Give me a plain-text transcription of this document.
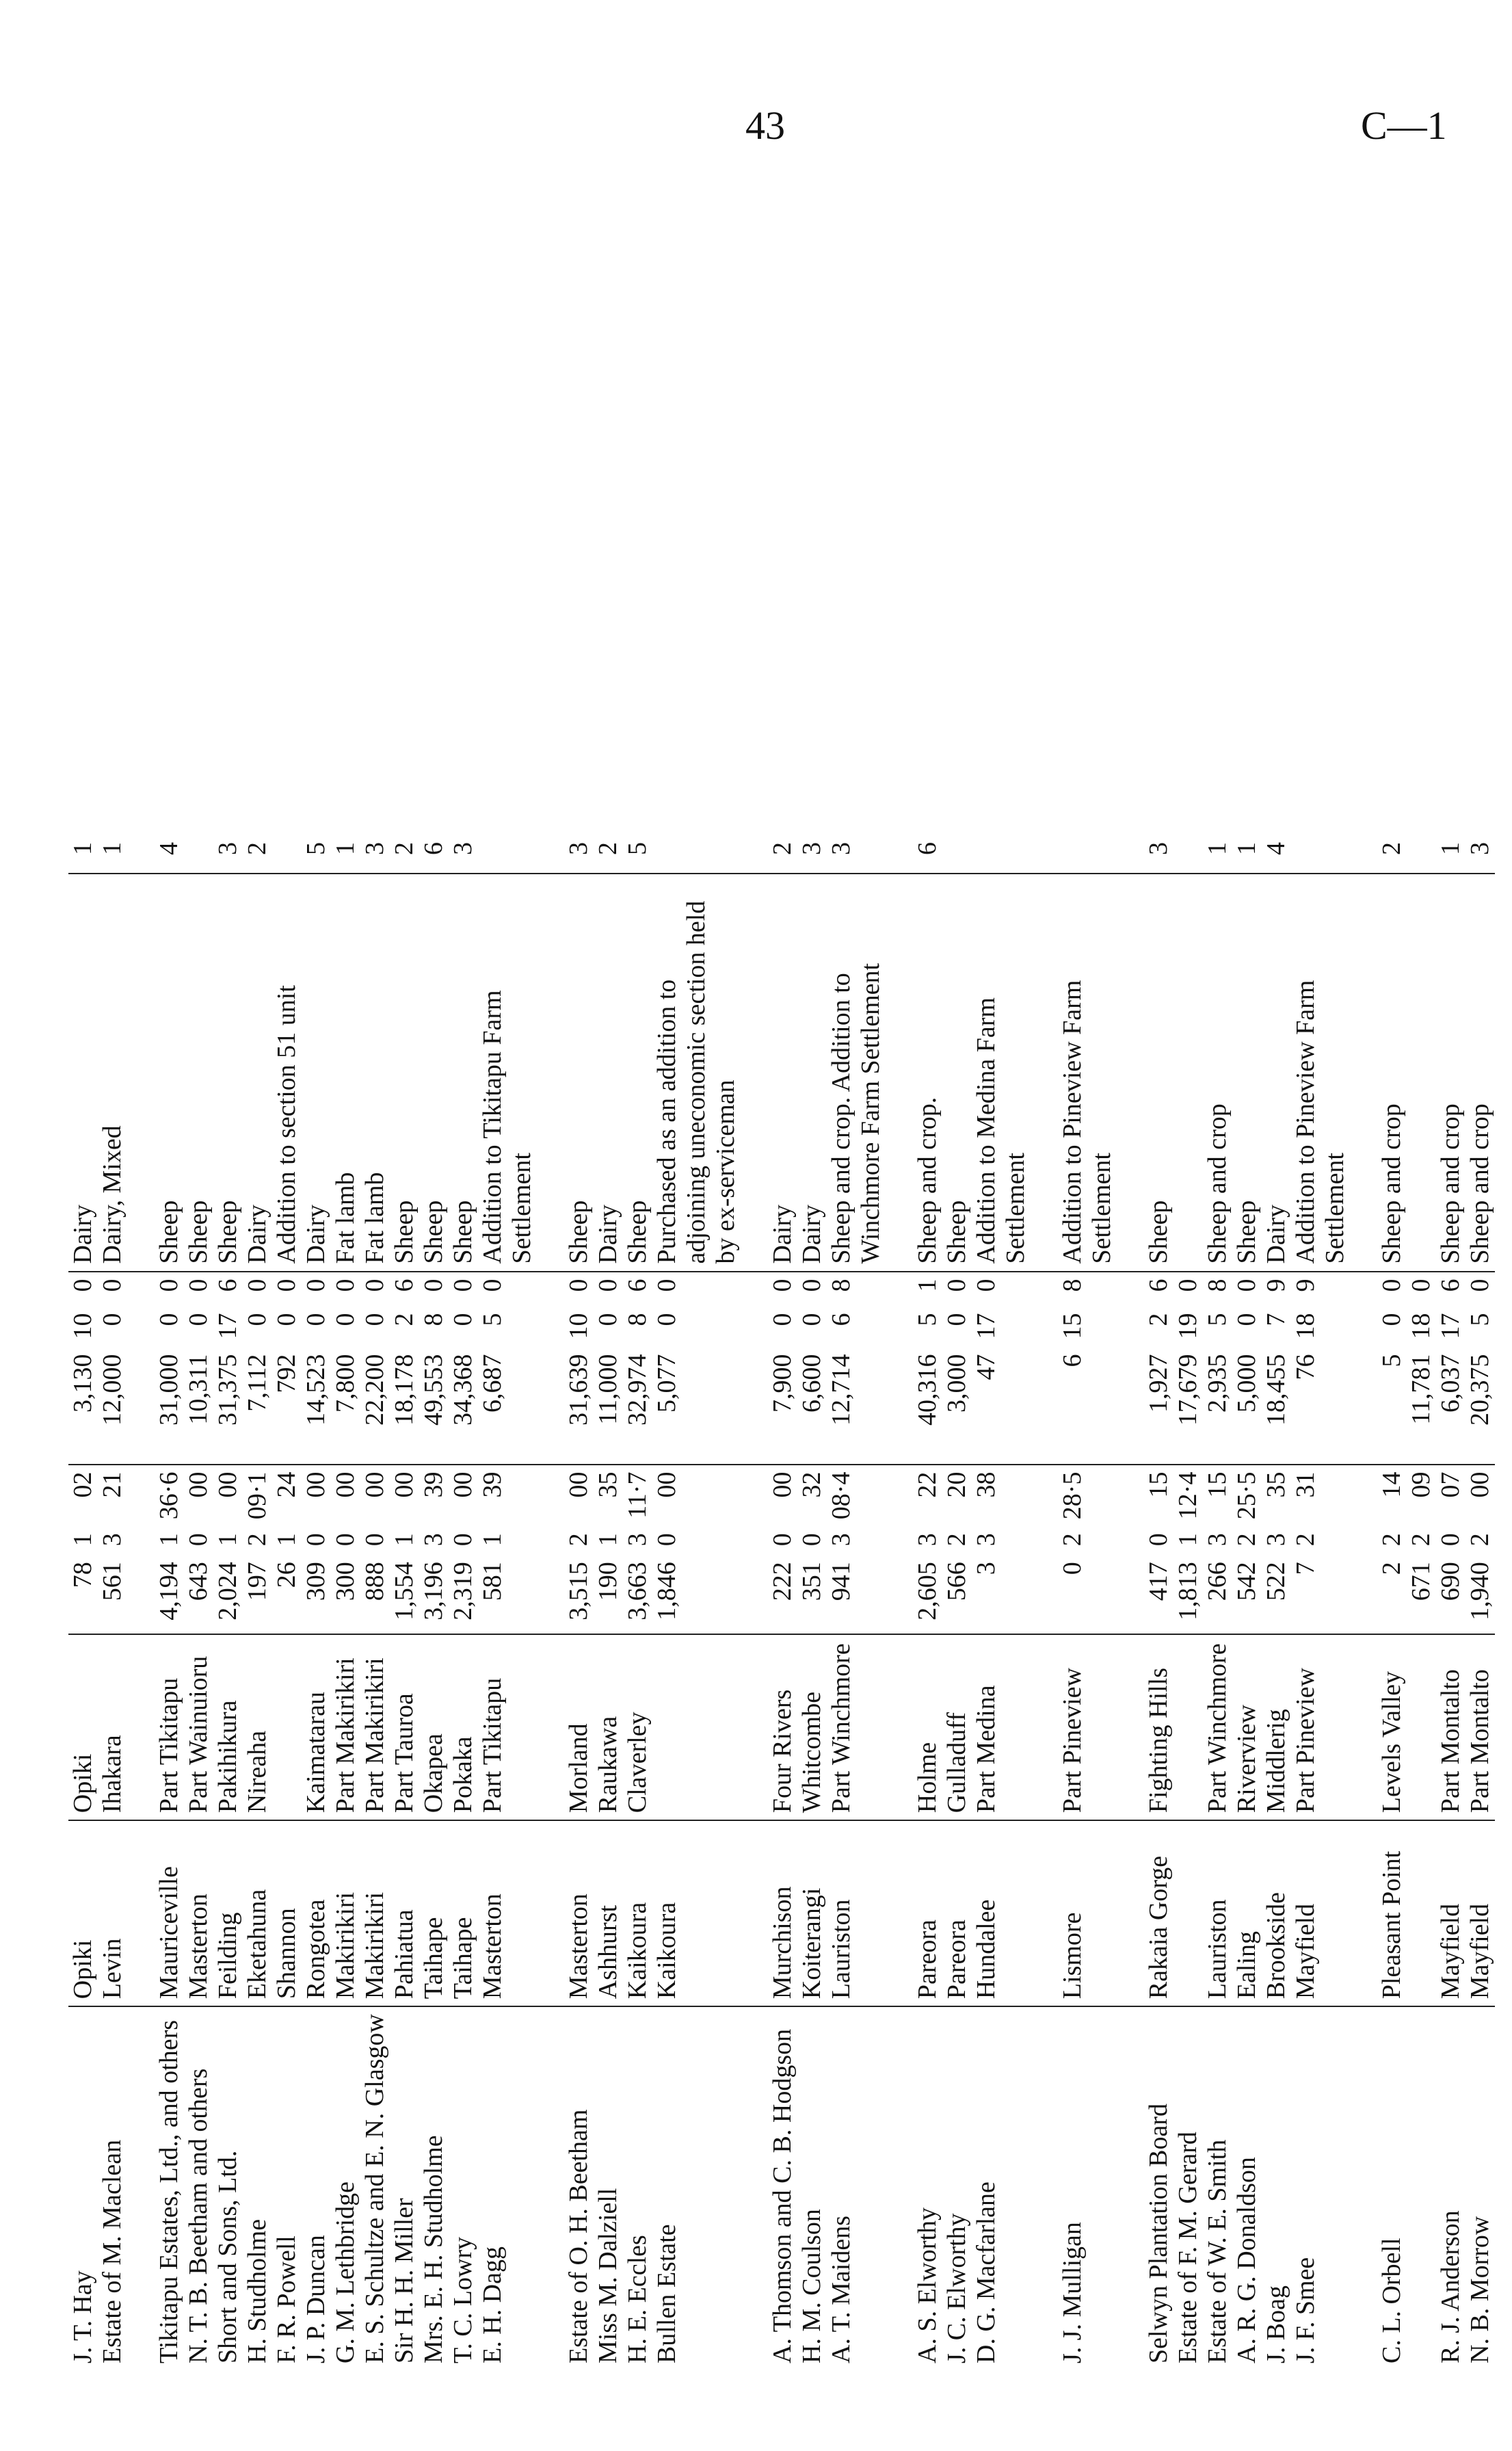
43	C—1
J. T. Hay	Opiki	Opiki	78	1	02	3,130	10	0	Dairy	1
Estate of M. Maclean	Levin	Ihakara	561	3	21	12,000	0	0	Dairy, Mixed	1

Tikitapu Estates, Ltd., and others	Mauriceville	Part Tikitapu	4,194	1	36·6	31,000	0	0	Sheep	4
N. T. B. Beetham and others	Masterton	Part Wainuioru	643	0	00	10,311	0	0	Sheep	
Short and Sons, Ltd.	Feilding	Pakihikura	2,024	1	00	31,375	17	6	Sheep	3
H. Studholme	Eketahuna	Nireaha	197	2	09·1	7,112	0	0	Dairy	2
F. R. Powell	Shannon		26	1	24	792	0	0	Addition to section 51 unit	
J. P. Duncan	Rongotea	Kaimatarau	309	0	00	14,523	0	0	Dairy	5
G. M. Lethbridge	Makirikiri	Part Makirikiri	300	0	00	7,800	0	0	Fat lamb	1
E. S. Schultze and E. N. Glasgow	Makirikiri	Part Makirikiri	888	0	00	22,200	0	0	Fat lamb	3
Sir H. H. Miller	Pahiatua	Part Tauroa	1,554	1	00	18,178	2	6	Sheep	2
Mrs. E. H. Studholme	Taihape	Okapea	3,196	3	39	49,553	8	0	Sheep	6
T. C. Lowry	Taihape	Pokaka	2,319	0	00	34,368	0	0	Sheep	3
E. H. Dagg	Masterton	Part Tikitapu	581	1	39	6,687	5	0	Addition to Tikitapu Farm Settlement	

Estate of O. H. Beetham	Masterton	Morland	3,515	2	00	31,639	10	0	Sheep	3
Miss M. Dalziell	Ashhurst	Raukawa	190	1	35	11,000	0	0	Dairy	2
H. E. Eccles	Kaikoura	Claverley	3,663	3	11·7	32,974	8	6	Sheep	5
Bullen Estate	Kaikoura		1,846	0	00	5,077	0	0	Purchased as an addition to adjoining uneconomic section held by ex-serviceman	

A. Thomson and C. B. Hodgson	Murchison	Four Rivers	222	0	00	7,900	0	0	Dairy	2
H. M. Coulson	Koiterangi	Whitcombe	351	0	32	6,600	0	0	Dairy	3
A. T. Maidens	Lauriston	Part Winchmore	941	3	08·4	12,714	6	8	Sheep and crop. Addition to Winchmore Farm Settlement	3

A. S. Elworthy	Pareora	Holme	2,605	3	22	40,316	5	1	Sheep and crop.	6
J. C. Elworthy	Pareora	Gulladuff	566	2	20	3,000	0	0	Sheep	
D. G. Macfarlane	Hundalee	Part Medina	3	3	38	47	17	0	Addition to Medina Farm Settlement	

J. J. Mulligan	Lismore	Part Pineview	0	2	28·5	6	15	8	Addition to Pineview Farm Settlement	

Selwyn Plantation Board	Rakaia Gorge	Fighting Hills	417	0	15	1,927	2	6	Sheep	3
Estate of F. M. Gerard			1,813	1	12·4	17,679	19	0		
Estate of W. E. Smith	Lauriston	Part Winchmore	266	3	15	2,935	5	8	Sheep and crop	1
A. R. G. Donaldson	Ealing	Riverview	542	2	25·5	5,000	0	0	Sheep	1
J. Boag	Brookside	Middlerig	522	3	35	18,455	7	9	Dairy	4
J. F. Smee	Mayfield	Part Pineview	7	2	31	76	18	9	Addition to Pineview Farm Settlement	

C. L. Orbell	Pleasant Point	Levels Valley	2	2	14	5	0	0	Sheep and crop	2
			671	2	09	11,781	18	0		
R. J. Anderson	Mayfield	Part Montalto	690	0	07	6,037	17	6	Sheep and crop	1
N. B. Morrow	Mayfield	Part Montalto	1,940	2	00	20,375	5	0	Sheep and crop	3
